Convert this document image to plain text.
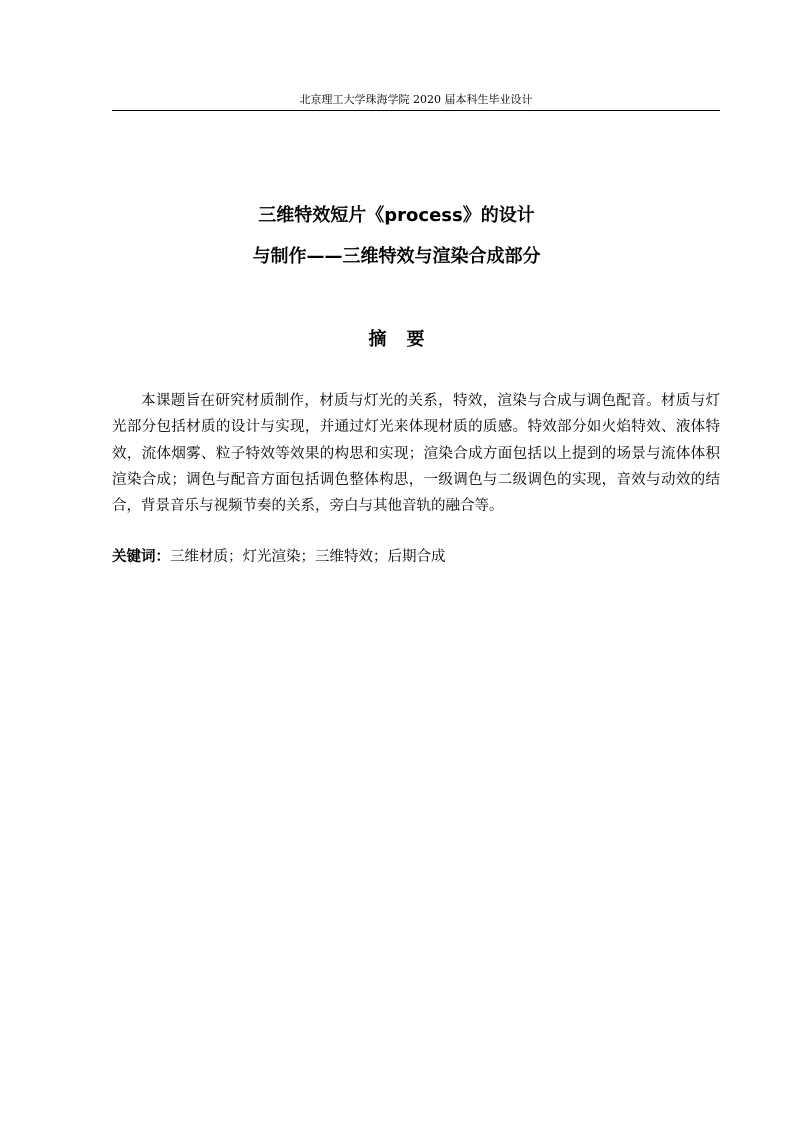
北京理工大学珠海学院 2020 届本科生毕业设计
三维特效短片《process》的设计
与制作——三维特效与渲染合成部分
摘要

本课题旨在研究材质制作，材质与灯光的关系，特效，渲染与合成与调色配音。材质与灯光部分包括材质的设计与实现，并通过灯光来体现材质的质感。特效部分如火焰特效、液体特效，流体烟雾、粒子特效等效果的构思和实现；渲染合成方面包括以上提到的场景与流体体积渲染合成；调色与配音方面包括调色整体构思，一级调色与二级调色的实现，音效与动效的结合，背景音乐与视频节奏的关系，旁白与其他音轨的融合等。

关键词：三维材质；灯光渲染；三维特效；后期合成
